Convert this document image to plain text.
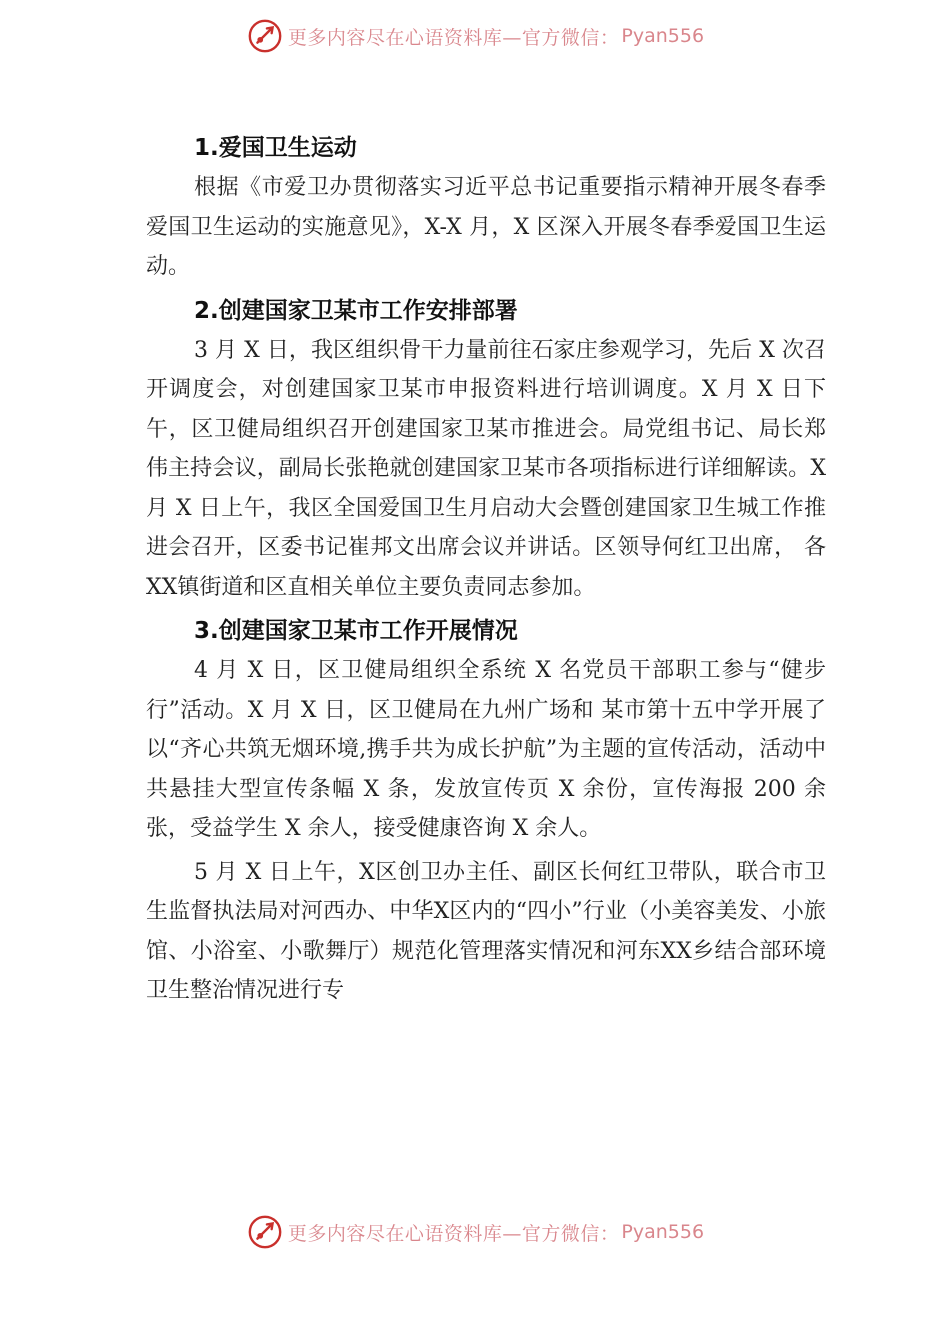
更多内容尽在心语资料库—官方微信： Pyan556
1.爱国卫生运动

根据《市爱卫办贯彻落实习近平总书记重要指示精神开展冬春季爱国卫生运动的实施意见》，X-X 月，X 区深入开展冬春季爱国卫生运动。

2.创建国家卫某市工作安排部署

3 月 X 日，我区组织骨干力量前往石家庄参观学习，先后 X 次召开调度会，对创建国家卫某市申报资料进行培训调度。X 月 X 日下午，区卫健局组织召开创建国家卫某市推进会。局党组书记、局长郑伟主持会议，副局长张艳就创建国家卫某市各项指标进行详细解读。X 月 X 日上午，我区全国爱国卫生月启动大会暨创建国家卫生城工作推进会召开，区委书记崔邦文出席会议并讲话。区领导何红卫出席， 各XX镇街道和区直相关单位主要负责同志参加。

3.创建国家卫某市工作开展情况

4 月 X 日，区卫健局组织全系统 X 名党员干部职工参与“健步行”活动。X 月 X 日，区卫健局在九州广场和 某市第十五中学开展了以“齐心共筑无烟环境,携手共为成长护航”为主题的宣传活动，活动中共悬挂大型宣传条幅 X 条，发放宣传页 X 余份，宣传海报 200 余张，受益学生 X 余人，接受健康咨询 X 余人。

5 月 X 日上午，X区创卫办主任、副区长何红卫带队，联合市卫生监督执法局对河西办、中华X区内的“四小”行业（小美容美发、小旅馆、小浴室、小歌舞厅）规范化管理落实情况和河东XX乡结合部环境卫生整治情况进行专

更多内容尽在心语资料库—官方微信： Pyan556
